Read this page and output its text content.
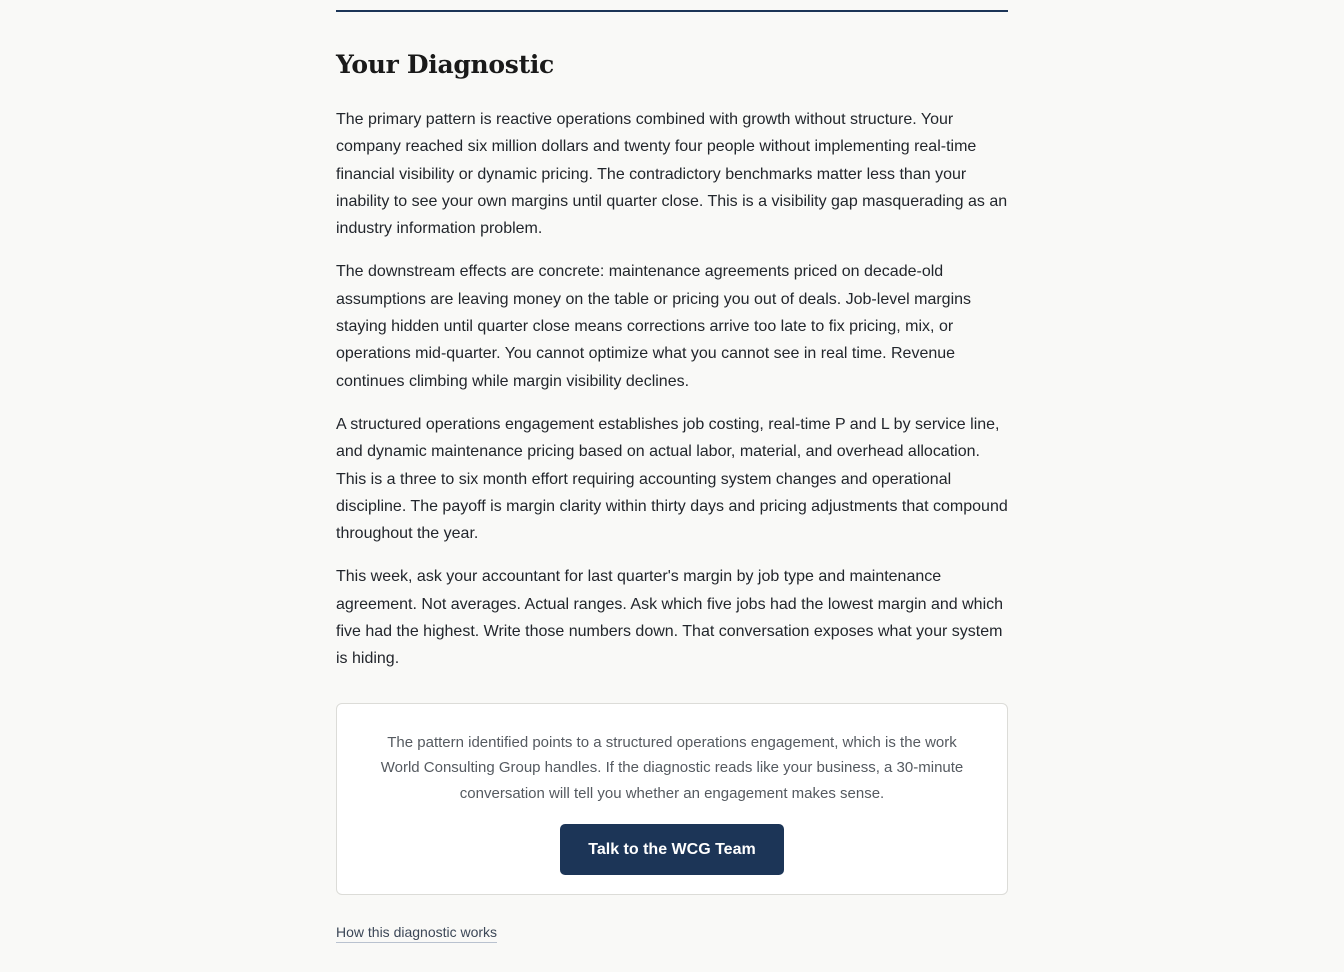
Your Diagnostic

The primary pattern is reactive operations combined with growth without structure. Your company reached six million dollars and twenty four people without implementing real-time financial visibility or dynamic pricing. The contradictory benchmarks matter less than your inability to see your own margins until quarter close. This is a visibility gap masquerading as an industry information problem.

The downstream effects are concrete: maintenance agreements priced on decade-old assumptions are leaving money on the table or pricing you out of deals. Job-level margins staying hidden until quarter close means corrections arrive too late to fix pricing, mix, or operations mid-quarter. You cannot optimize what you cannot see in real time. Revenue continues climbing while margin visibility declines.

A structured operations engagement establishes job costing, real-time P and L by service line, and dynamic maintenance pricing based on actual labor, material, and overhead allocation. This is a three to six month effort requiring accounting system changes and operational discipline. The payoff is margin clarity within thirty days and pricing adjustments that compound throughout the year.

This week, ask your accountant for last quarter's margin by job type and maintenance agreement. Not averages. Actual ranges. Ask which five jobs had the lowest margin and which five had the highest. Write those numbers down. That conversation exposes what your system is hiding.

The pattern identified points to a structured operations engagement, which is the work World Consulting Group handles. If the diagnostic reads like your business, a 30-minute conversation will tell you whether an engagement makes sense.

Talk to the WCG Team
How this diagnostic works
